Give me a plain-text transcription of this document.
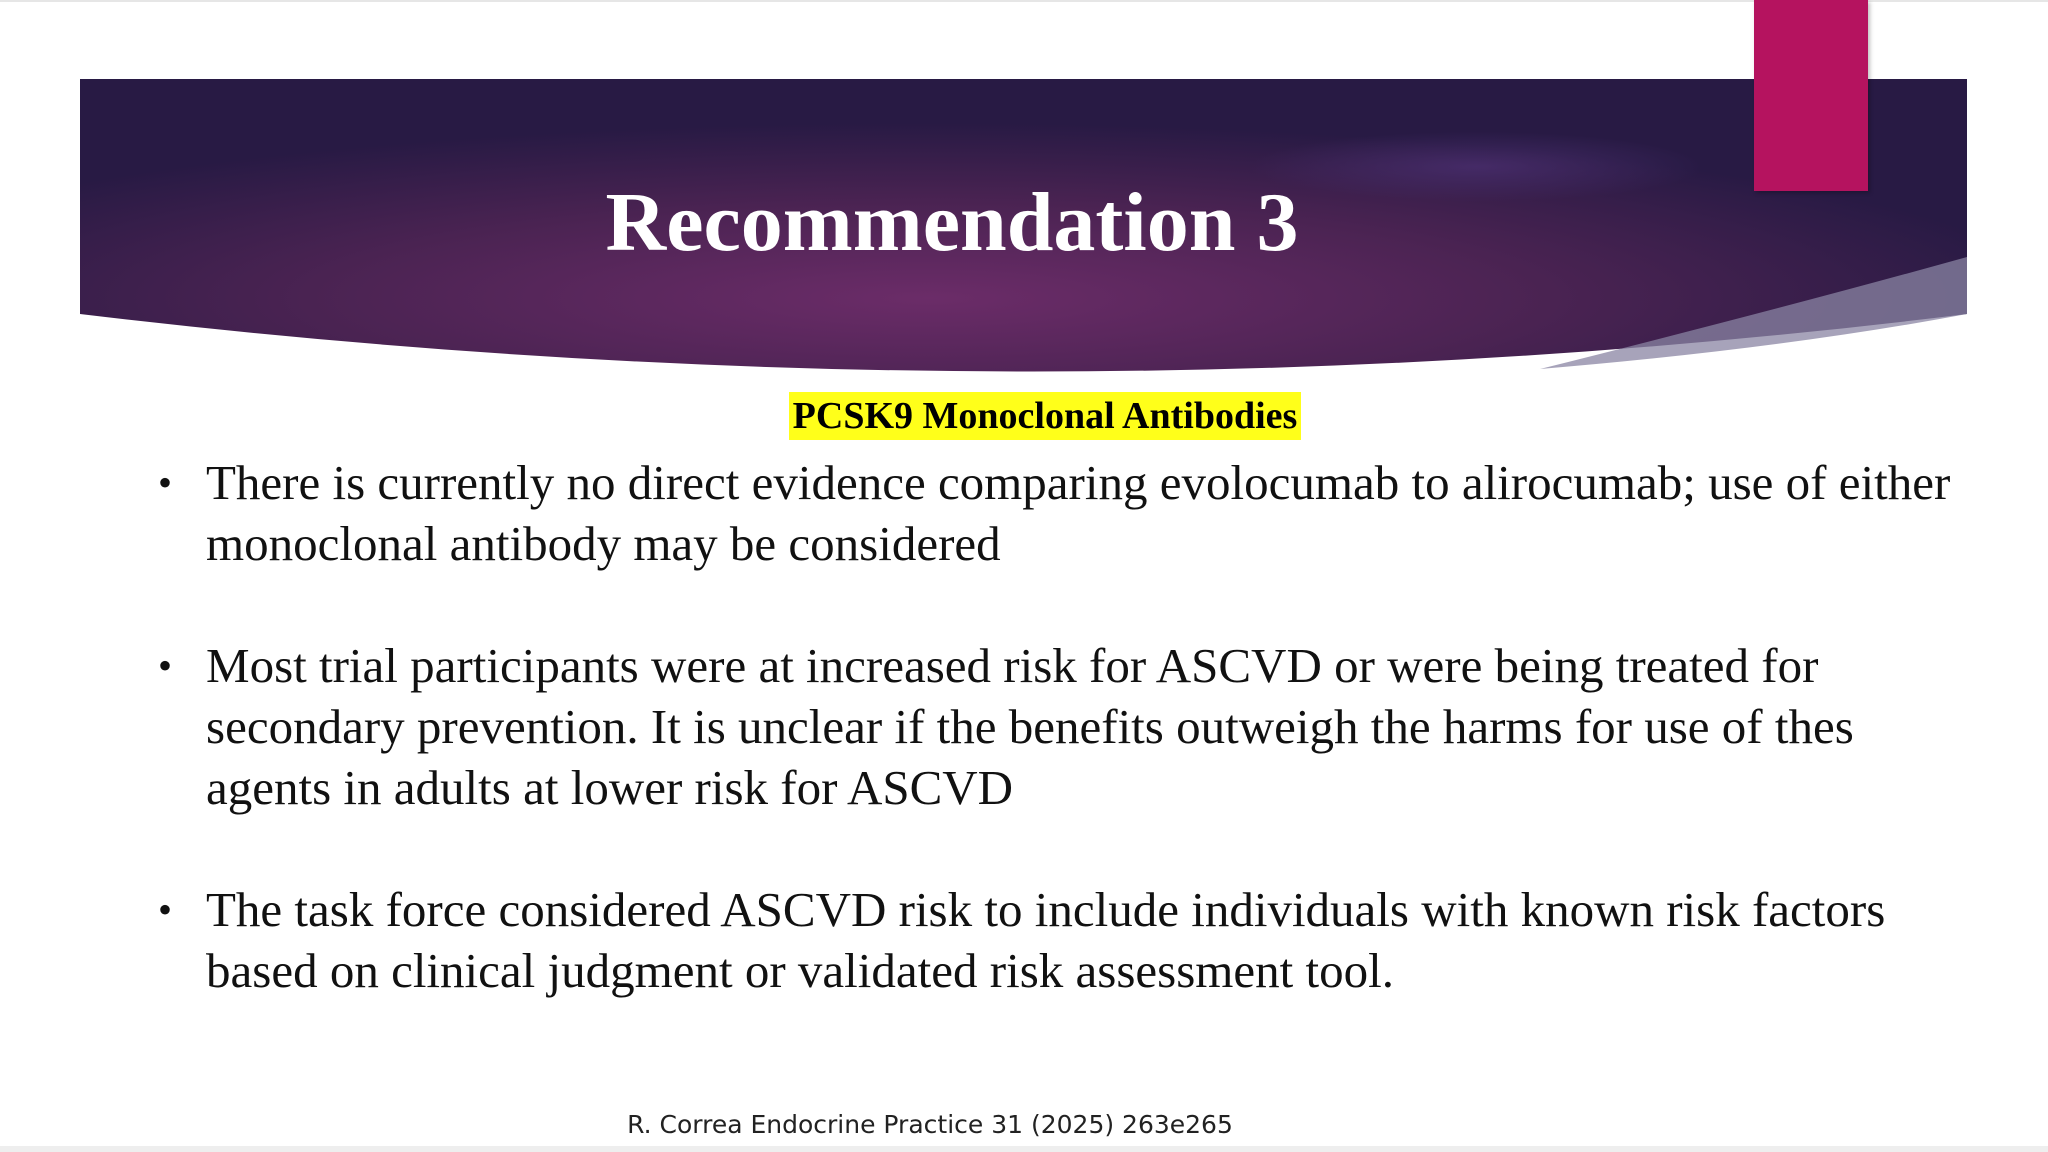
Recommendation 3
PCSK9 Monoclonal Antibodies
• There is currently no direct evidence comparing evolocumab to alirocumab; use of either monoclonal antibody may be considered
• Most trial participants were at increased risk for ASCVD or were being treated for secondary prevention. It is unclear if the benefits outweigh the harms for use of thes agents in adults at lower risk for ASCVD
• The task force considered ASCVD risk to include individuals with known risk factors based on clinical judgment or validated risk assessment tool.
R. Correa Endocrine Practice 31 (2025) 263e265
